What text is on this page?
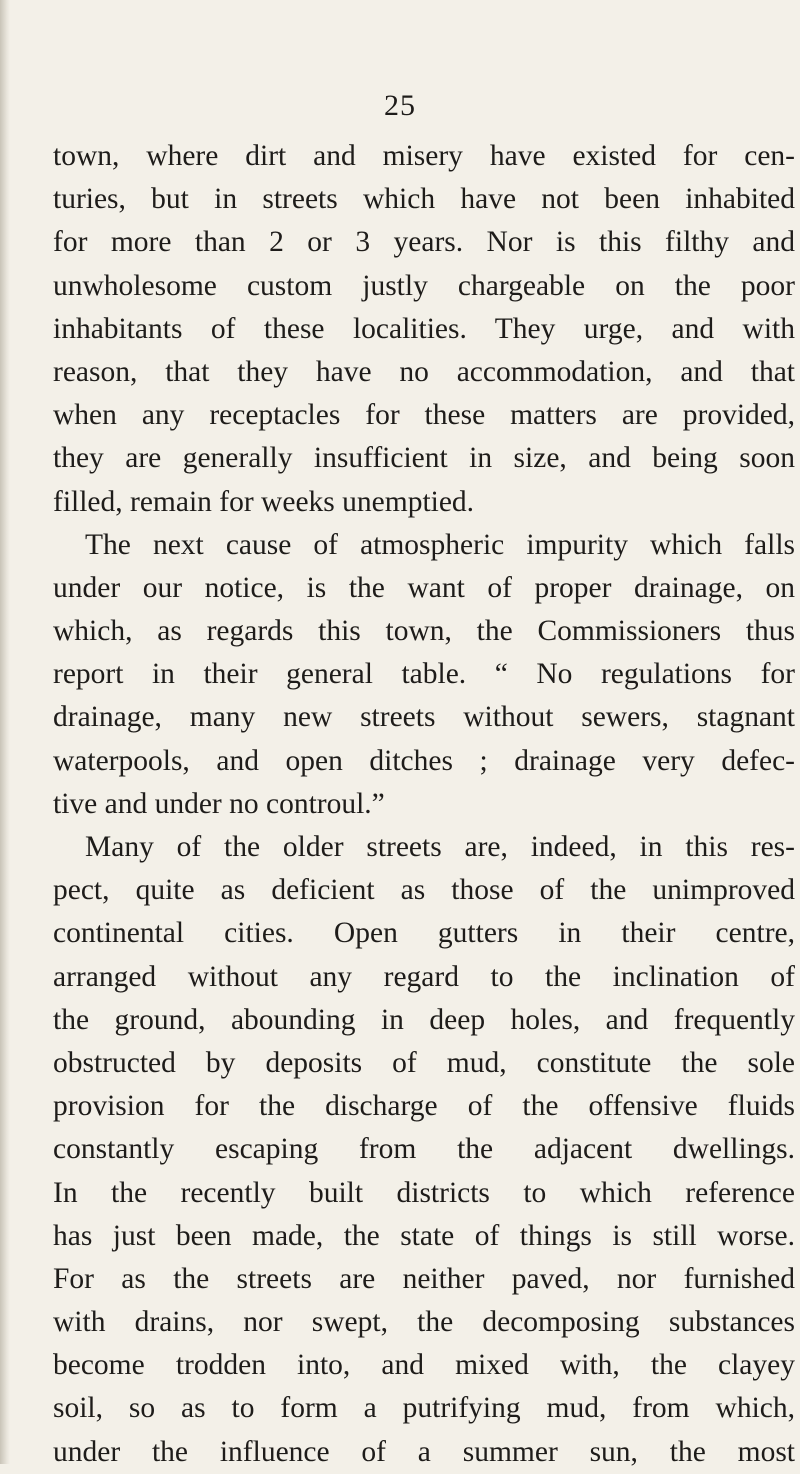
25
town, where dirt and misery have existed for cen-
turies, but in streets which have not been inhabited
for more than 2 or 3 years. Nor is this filthy and
unwholesome custom justly chargeable on the poor
inhabitants of these localities. They urge, and with
reason, that they have no accommodation, and that
when any receptacles for these matters are provided,
they are generally insufficient in size, and being soon
filled, remain for weeks unemptied.
The next cause of atmospheric impurity which falls
under our notice, is the want of proper drainage, on
which, as regards this town, the Commissioners thus
report in their general table. “ No regulations for
drainage, many new streets without sewers, stagnant
waterpools, and open ditches ; drainage very defec-
tive and under no controul.”
Many of the older streets are, indeed, in this res-
pect, quite as deficient as those of the unimproved
continental cities. Open gutters in their centre,
arranged without any regard to the inclination of
the ground, abounding in deep holes, and frequently
obstructed by deposits of mud, constitute the sole
provision for the discharge of the offensive fluids
constantly escaping from the adjacent dwellings.
In the recently built districts to which reference
has just been made, the state of things is still worse.
For as the streets are neither paved, nor furnished
with drains, nor swept, the decomposing substances
become trodden into, and mixed with, the clayey
soil, so as to form a putrifying mud, from which,
under the influence of a summer sun, the most
